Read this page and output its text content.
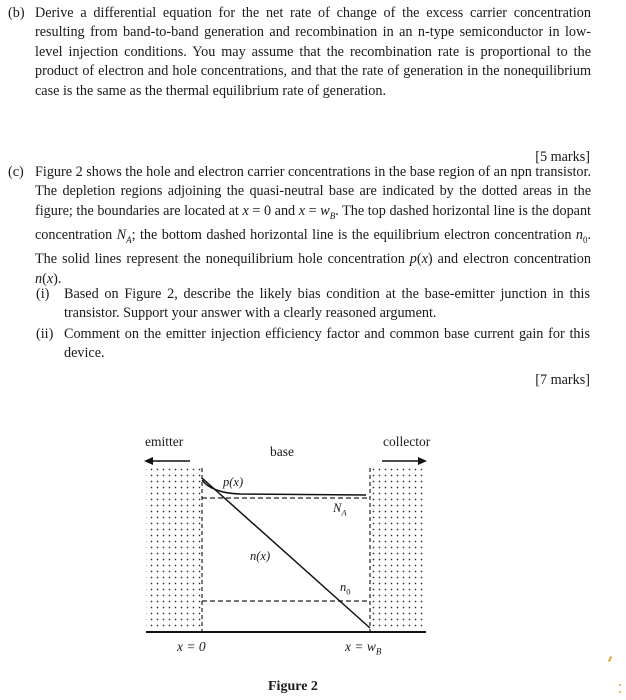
(b) Derive a differential equation for the net rate of change of the excess carrier concentration resulting from band-to-band generation and recombination in an n-type semiconductor in low-level injection conditions. You may assume that the recombination rate is proportional to the product of electron and hole concentrations, and that the rate of generation in the nonequilibrium case is the same as the thermal equilibrium rate of generation.
[5 marks]
(c) Figure 2 shows the hole and electron carrier concentrations in the base region of an npn transistor. The depletion regions adjoining the quasi-neutral base are indicated by the dotted areas in the figure; the boundaries are located at x = 0 and $x = w_B$. The top dashed horizontal line is the dopant concentration $N_A$; the bottom dashed horizontal line is the equilibrium electron concentration $n_0$. The solid lines represent the nonequilibrium hole concentration p(x) and electron concentration n(x).
(i) Based on Figure 2, describe the likely bias condition at the base-emitter junction in this transistor. Support your answer with a clearly reasoned argument.
(ii) Comment on the emitter injection efficiency factor and common base current gain for this device.
[7 marks]
emitter
base
collector
p(x)
n(x)
$N_A$
$n_0$
x = 0	$x = w_B$
Figure 2
